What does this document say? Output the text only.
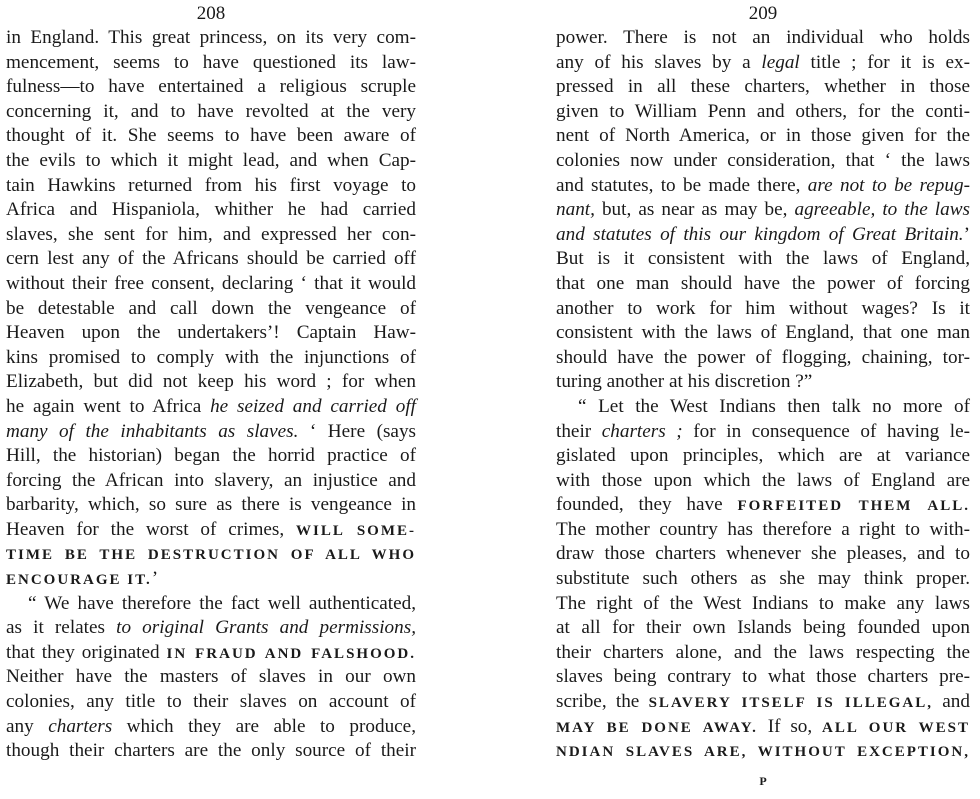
208
in England. This great princess, on its very com-
mencement, seems to have questioned its law-
fulness—to have entertained a religious scruple
concerning it, and to have revolted at the very
thought of it. She seems to have been aware of
the evils to which it might lead, and when Cap-
tain Hawkins returned from his first voyage to
Africa and Hispaniola, whither he had carried
slaves, she sent for him, and expressed her con-
cern lest any of the Africans should be carried off
without their free consent, declaring ‘ that it would
be detestable and call down the vengeance of
Heaven upon the undertakers’! Captain Haw-
kins promised to comply with the injunctions of
Elizabeth, but did not keep his word ; for when
he again went to Africa he seized and carried off
many of the inhabitants as slaves. ‘ Here (says
Hill, the historian) began the horrid practice of
forcing the African into slavery, an injustice and
barbarity, which, so sure as there is vengeance in
Heaven for the worst of crimes, WILL SOME-
TIME BE THE DESTRUCTION OF ALL WHO
ENCOURAGE IT.’
“ We have therefore the fact well authenticated,
as it relates to original Grants and permissions,
that they originated IN FRAUD AND FALSHOOD.
Neither have the masters of slaves in our own
colonies, any title to their slaves on account of
any charters which they are able to produce,
though their charters are the only source of their
209
power. There is not an individual who holds
any of his slaves by a legal title ; for it is ex-
pressed in all these charters, whether in those
given to William Penn and others, for the conti-
nent of North America, or in those given for the
colonies now under consideration, that ‘ the laws
and statutes, to be made there, are not to be repug-
nant, but, as near as may be, agreeable, to the laws
and statutes of this our kingdom of Great Britain.’
But is it consistent with the laws of England,
that one man should have the power of forcing
another to work for him without wages? Is it
consistent with the laws of England, that one man
should have the power of flogging, chaining, tor-
turing another at his discretion ?”
“ Let the West Indians then talk no more of
their charters ; for in consequence of having le-
gislated upon principles, which are at variance
with those upon which the laws of England are
founded, they have FORFEITED THEM ALL.
The mother country has therefore a right to with-
draw those charters whenever she pleases, and to
substitute such others as she may think proper.
The right of the West Indians to make any laws
at all for their own Islands being founded upon
their charters alone, and the laws respecting the
slaves being contrary to what those charters pre-
scribe, the SLAVERY ITSELF IS ILLEGAL, and
MAY BE DONE AWAY. If so, ALL OUR WEST
NDIAN SLAVES ARE, WITHOUT EXCEPTION,
P
